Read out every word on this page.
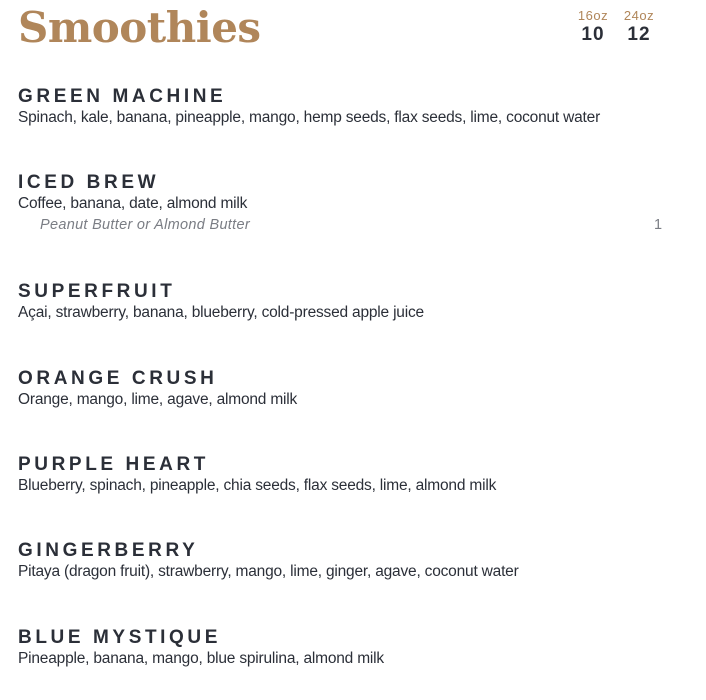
Smoothies	16oz
10
24oz
12
GREEN MACHINE
Spinach, kale, banana, pineapple, mango, hemp seeds, flax seeds, lime, coconut water
ICED BREW
Coffee, banana, date, almond milk
Peanut Butter or Almond Butter	1
SUPERFRUIT
Açai, strawberry, banana, blueberry, cold-pressed apple juice
ORANGE CRUSH
Orange, mango, lime, agave, almond milk
PURPLE HEART
Blueberry, spinach, pineapple, chia seeds, flax seeds, lime, almond milk
GINGERBERRY
Pitaya (dragon fruit), strawberry, mango, lime, ginger, agave, coconut water
BLUE MYSTIQUE
Pineapple, banana, mango, blue spirulina, almond milk
